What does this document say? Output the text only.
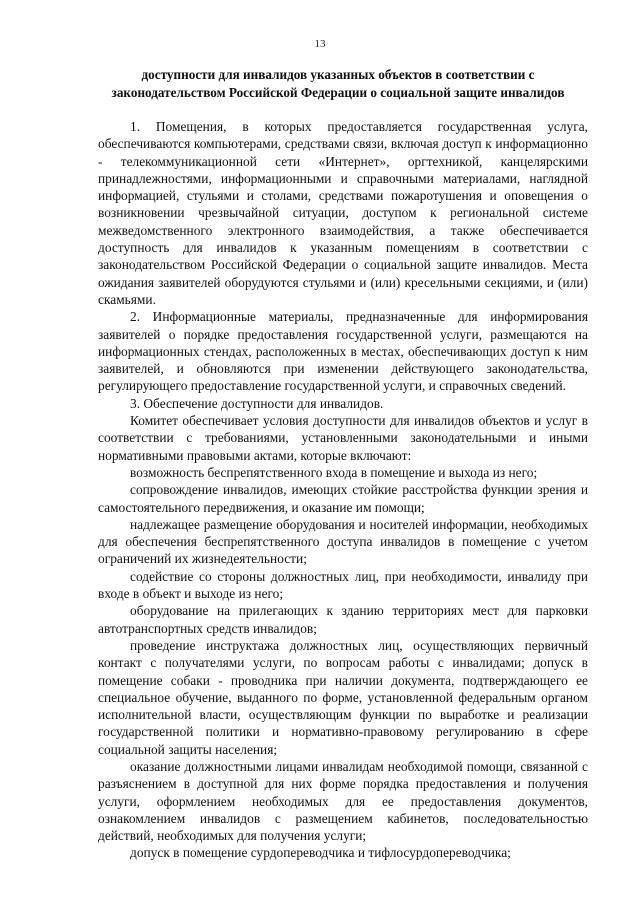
13
доступности для инвалидов указанных объектов в соответствии с законодательством Российской Федерации о социальной защите инвалидов

1. Помещения, в которых предоставляется государственная услуга, обеспечиваются компьютерами, средствами связи, включая доступ к информационно - телекоммуникационной сети «Интернет», оргтехникой, канцелярскими принадлежностями, информационными и справочными материалами, наглядной информацией, стульями и столами, средствами пожаротушения и оповещения о возникновении чрезвычайной ситуации, доступом к региональной системе межведомственного электронного взаимодействия, а также обеспечивается доступность для инвалидов к указанным помещениям в соответствии с законодательством Российской Федерации о социальной защите инвалидов. Места ожидания заявителей оборудуются стульями и (или) кресельными секциями, и (или) скамьями.

2. Информационные материалы, предназначенные для информирования заявителей о порядке предоставления государственной услуги, размещаются на информационных стендах, расположенных в местах, обеспечивающих доступ к ним заявителей, и обновляются при изменении действующего законодательства, регулирующего предоставление государственной услуги, и справочных сведений.

3. Обеспечение доступности для инвалидов.

Комитет обеспечивает условия доступности для инвалидов объектов и услуг в соответствии с требованиями, установленными законодательными и иными нормативными правовыми актами, которые включают:

возможность беспрепятственного входа в помещение и выхода из него;

сопровождение инвалидов, имеющих стойкие расстройства функции зрения и самостоятельного передвижения, и оказание им помощи;

надлежащее размещение оборудования и носителей информации, необходимых для обеспечения беспрепятственного доступа инвалидов в помещение с учетом ограничений их жизнедеятельности;

содействие со стороны должностных лиц, при необходимости, инвалиду при входе в объект и выходе из него;

оборудование на прилегающих к зданию территориях мест для парковки автотранспортных средств инвалидов;

проведение инструктажа должностных лиц, осуществляющих первичный контакт с получателями услуги, по вопросам работы с инвалидами; допуск в помещение собаки - проводника при наличии документа, подтверждающего ее специальное обучение, выданного по форме, установленной федеральным органом исполнительной власти, осуществляющим функции по выработке и реализации государственной политики и нормативно-правовому регулированию в сфере социальной защиты населения;

оказание должностными лицами инвалидам необходимой помощи, связанной с разъяснением в доступной для них форме порядка предоставления и получения услуги, оформлением необходимых для ее предоставления документов, ознакомлением инвалидов с размещением кабинетов, последовательностью действий, необходимых для получения услуги;

допуск в помещение сурдопереводчика и тифлосурдопереводчика;
